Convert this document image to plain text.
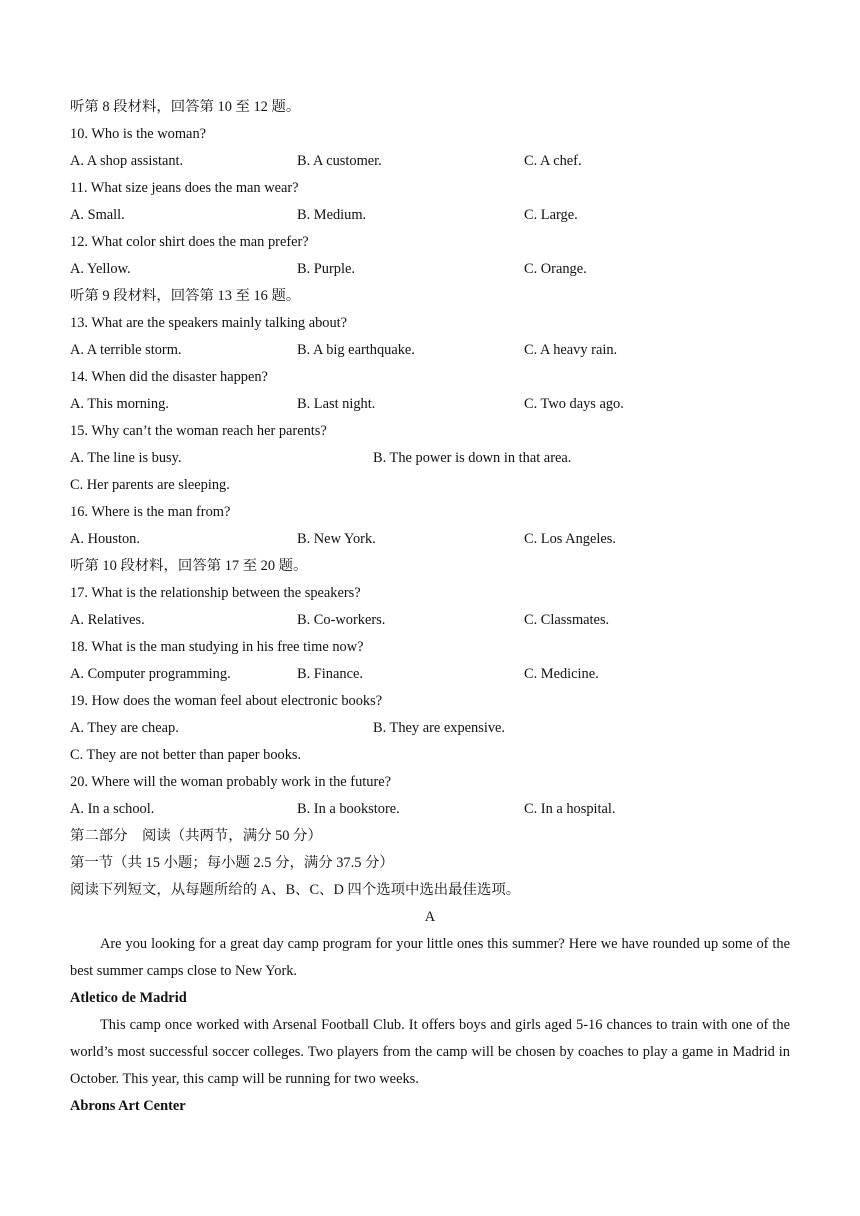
听第 8 段材料，回答第 10 至 12 题。
10. Who is the woman?
A. A shop assistant.	B. A customer.	C. A chef.
11. What size jeans does the man wear?
A. Small.	B. Medium.	C. Large.
12. What color shirt does the man prefer?
A. Yellow.	B. Purple.	C. Orange.
听第 9 段材料，回答第 13 至 16 题。
13. What are the speakers mainly talking about?
A. A terrible storm.	B. A big earthquake.	C. A heavy rain.
14. When did the disaster happen?
A. This morning.	B. Last night.	C. Two days ago.
15. Why can’t the woman reach her parents?
A. The line is busy.	B. The power is down in that area.
C. Her parents are sleeping.
16. Where is the man from?
A. Houston.	B. New York.	C. Los Angeles.
听第 10 段材料，回答第 17 至 20 题。
17. What is the relationship between the speakers?
A. Relatives.	B. Co-workers.	C. Classmates.
18. What is the man studying in his free time now?
A. Computer programming.	B. Finance.	C. Medicine.
19. How does the woman feel about electronic books?
A. They are cheap.	B. They are expensive.
C. They are not better than paper books.
20. Where will the woman probably work in the future?
A. In a school.	B. In a bookstore.	C. In a hospital.
第二部分　阅读（共两节，满分 50 分）
第一节（共 15 小题；每小题 2.5 分，满分 37.5 分）
阅读下列短文，从每题所给的 A、B、C、D 四个选项中选出最佳选项。
A
Are you looking for a great day camp program for your little ones this summer? Here we have rounded up some of the best summer camps close to New York.
Atletico de Madrid
This camp once worked with Arsenal Football Club. It offers boys and girls aged 5-16 chances to train with one of the world’s most successful soccer colleges. Two players from the camp will be chosen by coaches to play a game in Madrid in October. This year, this camp will be running for two weeks.
Abrons Art Center
